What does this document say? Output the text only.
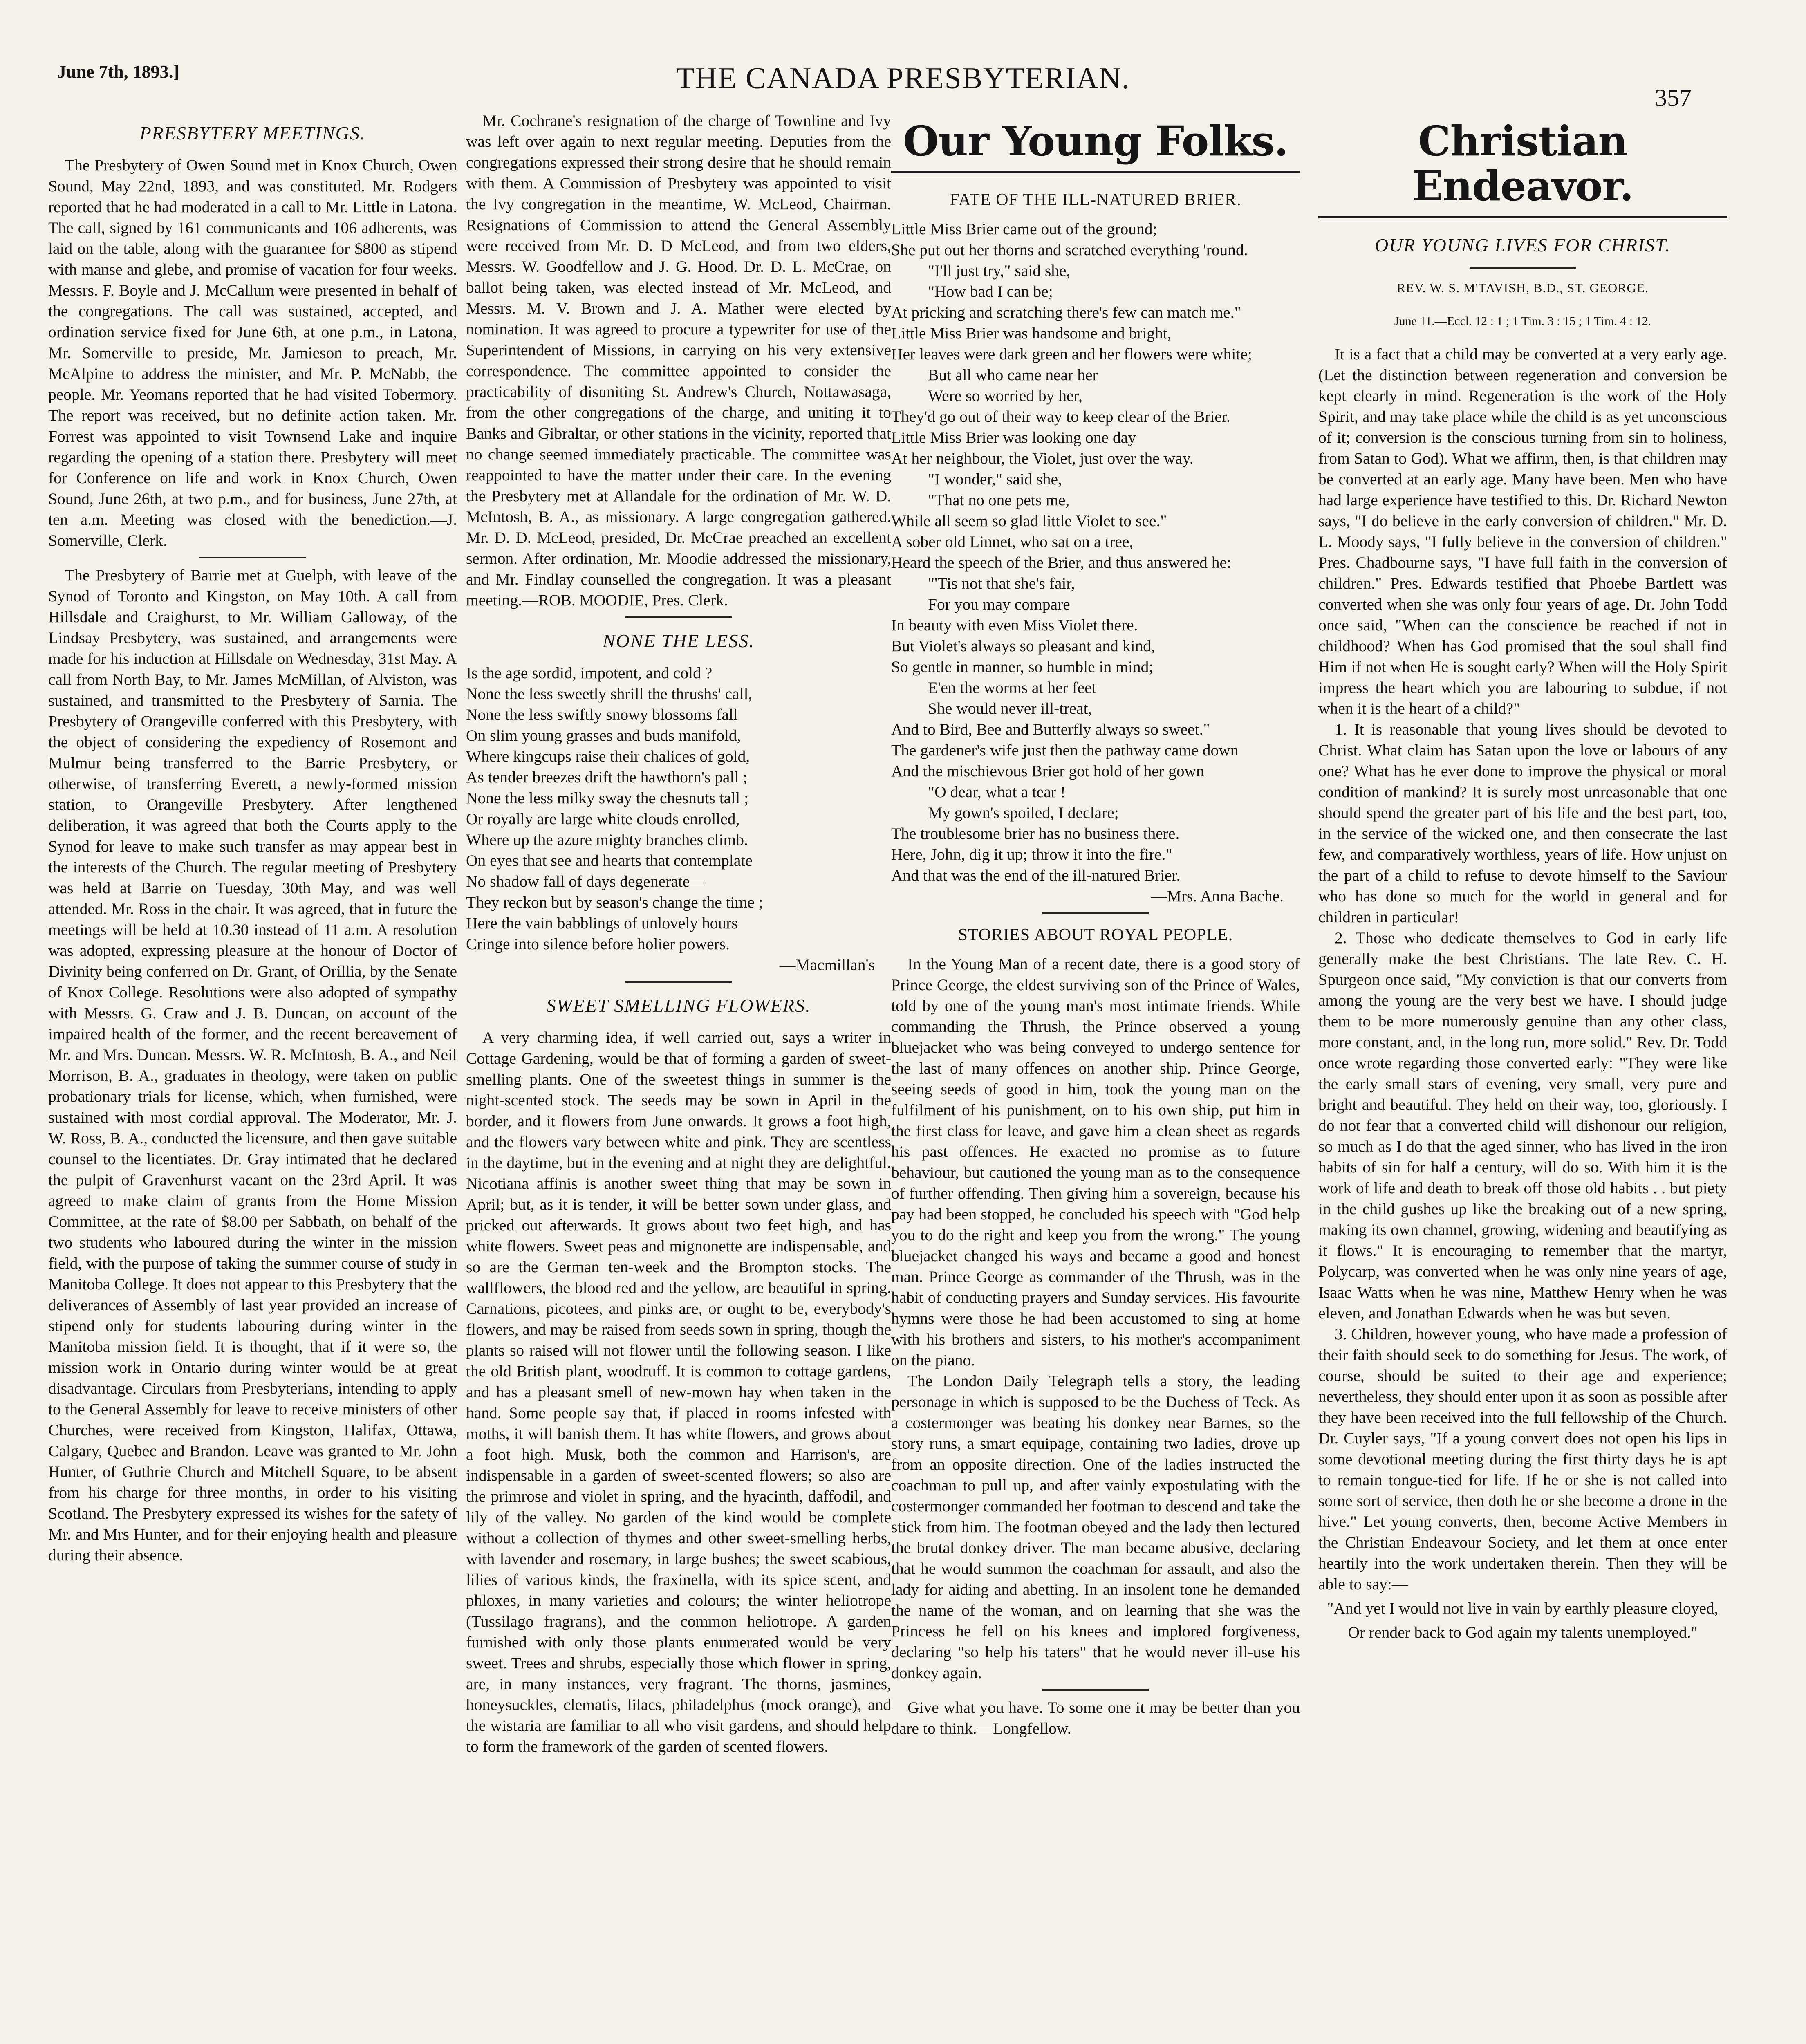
June 7th, 1893.]	THE CANADA PRESBYTERIAN.
357
PRESBYTERY MEETINGS.

The Presbytery of Owen Sound met in Knox Church, Owen Sound, May 22nd, 1893, and was constituted. Mr. Rodgers reported that he had moderated in a call to Mr. Little in Latona. The call, signed by 161 communicants and 106 adherents, was laid on the table, along with the guarantee for $800 as stipend with manse and glebe, and promise of vacation for four weeks. Messrs. F. Boyle and J. McCallum were presented in behalf of the congregations. The call was sustained, accepted, and ordination service fixed for June 6th, at one p.m., in Latona, Mr. Somerville to preside, Mr. Jamieson to preach, Mr. McAlpine to address the minister, and Mr. P. McNabb, the people. Mr. Yeomans reported that he had visited Tobermory. The report was received, but no definite action taken. Mr. Forrest was appointed to visit Townsend Lake and inquire regarding the opening of a station there. Presbytery will meet for Conference on life and work in Knox Church, Owen Sound, June 26th, at two p.m., and for business, June 27th, at ten a.m. Meeting was closed with the benediction.—J. Somerville, Clerk.

The Presbytery of Barrie met at Guelph, with leave of the Synod of Toronto and Kingston, on May 10th. A call from Hillsdale and Craighurst, to Mr. William Galloway, of the Lindsay Presbytery, was sustained, and arrangements were made for his induction at Hillsdale on Wednesday, 31st May. A call from North Bay, to Mr. James McMillan, of Alviston, was sustained, and transmitted to the Presbytery of Sarnia. The Presbytery of Orangeville conferred with this Presbytery, with the object of considering the expediency of Rosemont and Mulmur being transferred to the Barrie Presbytery, or otherwise, of transferring Everett, a newly-formed mission station, to Orangeville Presbytery. After lengthened deliberation, it was agreed that both the Courts apply to the Synod for leave to make such transfer as may appear best in the interests of the Church. The regular meeting of Presbytery was held at Barrie on Tuesday, 30th May, and was well attended. Mr. Ross in the chair. It was agreed, that in future the meetings will be held at 10.30 instead of 11 a.m. A resolution was adopted, expressing pleasure at the honour of Doctor of Divinity being conferred on Dr. Grant, of Orillia, by the Senate of Knox College. Resolutions were also adopted of sympathy with Messrs. G. Craw and J. B. Duncan, on account of the impaired health of the former, and the recent bereavement of Mr. and Mrs. Duncan. Messrs. W. R. McIntosh, B. A., and Neil Morrison, B. A., graduates in theology, were taken on public probationary trials for license, which, when furnished, were sustained with most cordial approval. The Moderator, Mr. J. W. Ross, B. A., conducted the licensure, and then gave suitable counsel to the licentiates. Dr. Gray intimated that he declared the pulpit of Gravenhurst vacant on the 23rd April. It was agreed to make claim of grants from the Home Mission Committee, at the rate of $8.00 per Sabbath, on behalf of the two students who laboured during the winter in the mission field, with the purpose of taking the summer course of study in Manitoba College. It does not appear to this Presbytery that the deliverances of Assembly of last year provided an increase of stipend only for students labouring during winter in the Manitoba mission field. It is thought, that if it were so, the mission work in Ontario during winter would be at great disadvantage. Circulars from Presbyterians, intending to apply to the General Assembly for leave to receive ministers of other Churches, were received from Kingston, Halifax, Ottawa, Calgary, Quebec and Brandon. Leave was granted to Mr. John Hunter, of Guthrie Church and Mitchell Square, to be absent from his charge for three months, in order to his visiting Scotland. The Presbytery expressed its wishes for the safety of Mr. and Mrs Hunter, and for their enjoying health and pleasure during their absence.

Mr. Cochrane's resignation of the charge of Townline and Ivy was left over again to next regular meeting. Deputies from the congregations expressed their strong desire that he should remain with them. A Commission of Presbytery was appointed to visit the Ivy congregation in the meantime, W. McLeod, Chairman. Resignations of Commission to attend the General Assembly were received from Mr. D. D McLeod, and from two elders, Messrs. W. Goodfellow and J. G. Hood. Dr. D. L. McCrae, on ballot being taken, was elected instead of Mr. McLeod, and Messrs. M. V. Brown and J. A. Mather were elected by nomination. It was agreed to procure a typewriter for use of the Superintendent of Missions, in carrying on his very extensive correspondence. The committee appointed to consider the practicability of disuniting St. Andrew's Church, Nottawasaga, from the other congregations of the charge, and uniting it to Banks and Gibraltar, or other stations in the vicinity, reported that no change seemed immediately practicable. The committee was reappointed to have the matter under their care. In the evening the Presbytery met at Allandale for the ordination of Mr. W. D. McIntosh, B. A., as missionary. A large congregation gathered. Mr. D. D. McLeod, presided, Dr. McCrae preached an excellent sermon. After ordination, Mr. Moodie addressed the missionary, and Mr. Findlay counselled the congregation. It was a pleasant meeting.—ROB. MOODIE, Pres. Clerk.

NONE THE LESS.
Is the age sordid, impotent, and cold ?
None the less sweetly shrill the thrushs' call,
None the less swiftly snowy blossoms fall
On slim young grasses and buds manifold,
Where kingcups raise their chalices of gold,
As tender breezes drift the hawthorn's pall ;
None the less milky sway the chesnuts tall ;
Or royally are large white clouds enrolled,
Where up the azure mighty branches climb.
On eyes that see and hearts that contemplate
No shadow fall of days degenerate—
They reckon but by season's change the time ;
Here the vain babblings of unlovely hours
Cringe into silence before holier powers.
—Macmillan's
SWEET SMELLING FLOWERS.

A very charming idea, if well carried out, says a writer in Cottage Gardening, would be that of forming a garden of sweet-smelling plants. One of the sweetest things in summer is the night-scented stock. The seeds may be sown in April in the border, and it flowers from June onwards. It grows a foot high, and the flowers vary between white and pink. They are scentless in the daytime, but in the evening and at night they are delightful. Nicotiana affinis is another sweet thing that may be sown in April; but, as it is tender, it will be better sown under glass, and pricked out afterwards. It grows about two feet high, and has white flowers. Sweet peas and mignonette are indispensable, and so are the German ten-week and the Brompton stocks. The wallflowers, the blood red and the yellow, are beautiful in spring. Carnations, picotees, and pinks are, or ought to be, everybody's flowers, and may be raised from seeds sown in spring, though the plants so raised will not flower until the following season. I like the old British plant, woodruff. It is common to cottage gardens, and has a pleasant smell of new-mown hay when taken in the hand. Some people say that, if placed in rooms infested with moths, it will banish them. It has white flowers, and grows about a foot high. Musk, both the common and Harrison's, are indispensable in a garden of sweet-scented flowers; so also are the primrose and violet in spring, and the hyacinth, daffodil, and lily of the valley. No garden of the kind would be complete without a collection of thymes and other sweet-smelling herbs, with lavender and rosemary, in large bushes; the sweet scabious, lilies of various kinds, the fraxinella, with its spice scent, and phloxes, in many varieties and colours; the winter heliotrope (Tussilago fragrans), and the common heliotrope. A garden furnished with only those plants enumerated would be very sweet. Trees and shrubs, especially those which flower in spring, are, in many instances, very fragrant. The thorns, jasmines, honeysuckles, clematis, lilacs, philadelphus (mock orange), and the wistaria are familiar to all who visit gardens, and should help to form the framework of the garden of scented flowers.

Our Young Folks.
FATE OF THE ILL-NATURED BRIER.
Little Miss Brier came out of the ground;
She put out her thorns and scratched everything 'round.
"I'll just try," said she,
"How bad I can be;
At pricking and scratching there's few can match me."
Little Miss Brier was handsome and bright,
Her leaves were dark green and her flowers were white;
But all who came near her
Were so worried by her,
They'd go out of their way to keep clear of the Brier.
Little Miss Brier was looking one day
At her neighbour, the Violet, just over the way.
"I wonder," said she,
"That no one pets me,
While all seem so glad little Violet to see."
A sober old Linnet, who sat on a tree,
Heard the speech of the Brier, and thus answered he:
"'Tis not that she's fair,
For you may compare
In beauty with even Miss Violet there.
But Violet's always so pleasant and kind,
So gentle in manner, so humble in mind;
E'en the worms at her feet
She would never ill-treat,
And to Bird, Bee and Butterfly always so sweet."
The gardener's wife just then the pathway came down
And the mischievous Brier got hold of her gown
"O dear, what a tear !
My gown's spoiled, I declare;
The troublesome brier has no business there.
Here, John, dig it up; throw it into the fire."
And that was the end of the ill-natured Brier.
—Mrs. Anna Bache.
STORIES ABOUT ROYAL PEOPLE.

In the Young Man of a recent date, there is a good story of Prince George, the eldest surviving son of the Prince of Wales, told by one of the young man's most intimate friends. While commanding the Thrush, the Prince observed a young bluejacket who was being conveyed to undergo sentence for the last of many offences on another ship. Prince George, seeing seeds of good in him, took the young man on the fulfilment of his punishment, on to his own ship, put him in the first class for leave, and gave him a clean sheet as regards his past offences. He exacted no promise as to future behaviour, but cautioned the young man as to the consequence of further offending. Then giving him a sovereign, because his pay had been stopped, he concluded his speech with "God help you to do the right and keep you from the wrong." The young bluejacket changed his ways and became a good and honest man. Prince George as commander of the Thrush, was in the habit of conducting prayers and Sunday services. His favourite hymns were those he had been accustomed to sing at home with his brothers and sisters, to his mother's accompaniment on the piano.

The London Daily Telegraph tells a story, the leading personage in which is supposed to be the Duchess of Teck. As a costermonger was beating his donkey near Barnes, so the story runs, a smart equipage, containing two ladies, drove up from an opposite direction. One of the ladies instructed the coachman to pull up, and after vainly expostulating with the costermonger commanded her footman to descend and take the stick from him. The footman obeyed and the lady then lectured the brutal donkey driver. The man became abusive, declaring that he would summon the coachman for assault, and also the lady for aiding and abetting. In an insolent tone he demanded the name of the woman, and on learning that she was the Princess he fell on his knees and implored forgiveness, declaring "so help his taters" that he would never ill-use his donkey again.

Give what you have. To some one it may be better than you dare to think.—Longfellow.

Christian Endeavor.
OUR YOUNG LIVES FOR CHRIST.
REV. W. S. M'TAVISH, B.D., ST. GEORGE.
June 11.—Eccl. 12 : 1 ; 1 Tim. 3 : 15 ; 1 Tim. 4 : 12.

It is a fact that a child may be converted at a very early age. (Let the distinction between regeneration and conversion be kept clearly in mind. Regeneration is the work of the Holy Spirit, and may take place while the child is as yet unconscious of it; conversion is the conscious turning from sin to holiness, from Satan to God). What we affirm, then, is that children may be converted at an early age. Many have been. Men who have had large experience have testified to this. Dr. Richard Newton says, "I do believe in the early conversion of children." Mr. D. L. Moody says, "I fully believe in the conversion of children." Pres. Chadbourne says, "I have full faith in the conversion of children." Pres. Edwards testified that Phoebe Bartlett was converted when she was only four years of age. Dr. John Todd once said, "When can the conscience be reached if not in childhood? When has God promised that the soul shall find Him if not when He is sought early? When will the Holy Spirit impress the heart which you are labouring to subdue, if not when it is the heart of a child?"

1. It is reasonable that young lives should be devoted to Christ. What claim has Satan upon the love or labours of any one? What has he ever done to improve the physical or moral condition of mankind? It is surely most unreasonable that one should spend the greater part of his life and the best part, too, in the service of the wicked one, and then consecrate the last few, and comparatively worthless, years of life. How unjust on the part of a child to refuse to devote himself to the Saviour who has done so much for the world in general and for children in particular!

2. Those who dedicate themselves to God in early life generally make the best Christians. The late Rev. C. H. Spurgeon once said, "My conviction is that our converts from among the young are the very best we have. I should judge them to be more numerously genuine than any other class, more constant, and, in the long run, more solid." Rev. Dr. Todd once wrote regarding those converted early: "They were like the early small stars of evening, very small, very pure and bright and beautiful. They held on their way, too, gloriously. I do not fear that a converted child will dishonour our religion, so much as I do that the aged sinner, who has lived in the iron habits of sin for half a century, will do so. With him it is the work of life and death to break off those old habits . . but piety in the child gushes up like the breaking out of a new spring, making its own channel, growing, widening and beautifying as it flows." It is encouraging to remember that the martyr, Polycarp, was converted when he was only nine years of age, Isaac Watts when he was nine, Matthew Henry when he was eleven, and Jonathan Edwards when he was but seven.

3. Children, however young, who have made a profession of their faith should seek to do something for Jesus. The work, of course, should be suited to their age and experience; nevertheless, they should enter upon it as soon as possible after they have been received into the full fellowship of the Church. Dr. Cuyler says, "If a young convert does not open his lips in some devotional meeting during the first thirty days he is apt to remain tongue-tied for life. If he or she is not called into some sort of service, then doth he or she become a drone in the hive." Let young converts, then, become Active Members in the Christian Endeavour Society, and let them at once enter heartily into the work undertaken therein. Then they will be able to say:—

"And yet I would not live in vain by earthly pleasure cloyed,
Or render back to God again my talents unemployed."
